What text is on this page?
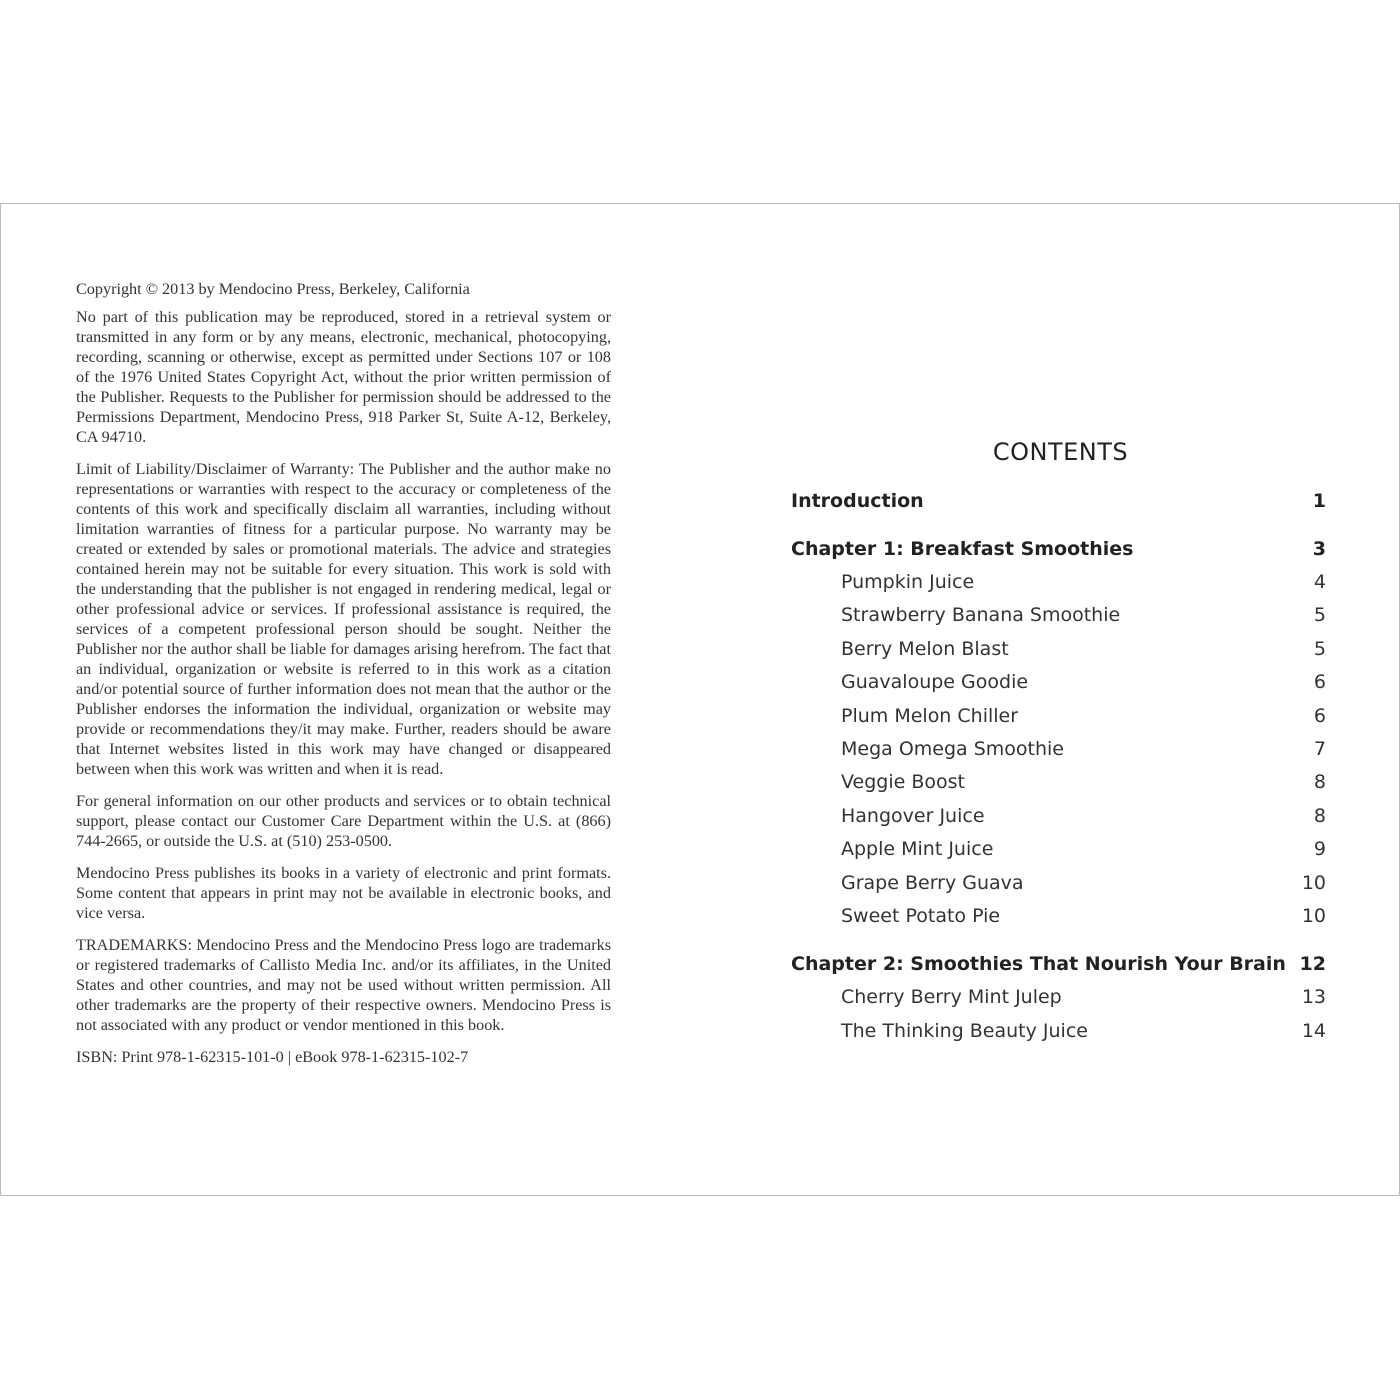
Copyright © 2013 by Mendocino Press, Berkeley, California

No part of this publication may be reproduced, stored in a retrieval system or transmitted in any form or by any means, electronic, mechanical, photocopying, recording, scanning or otherwise, except as permitted under Sections 107 or 108 of the 1976 United States Copyright Act, without the prior written permission of the Publisher. Requests to the Publisher for permission should be addressed to the Permissions Department, Mendocino Press, 918 Parker St, Suite A-12, Berkeley, CA 94710.

Limit of Liability/Disclaimer of Warranty: The Publisher and the author make no representations or warranties with respect to the accuracy or completeness of the contents of this work and specifically disclaim all warranties, including without limitation warranties of fitness for a particular purpose. No warranty may be created or extended by sales or promotional materials. The advice and strategies contained herein may not be suitable for every situation. This work is sold with the understanding that the publisher is not engaged in rendering medical, legal or other professional advice or services. If professional assistance is required, the services of a competent professional person should be sought. Neither the Publisher nor the author shall be liable for damages arising herefrom. The fact that an individual, organization or website is referred to in this work as a citation and/or potential source of further information does not mean that the author or the Publisher endorses the information the individual, organization or website may provide or recommendations they/it may make. Further, readers should be aware that Internet websites listed in this work may have changed or disappeared between when this work was written and when it is read.

For general information on our other products and services or to obtain technical support, please contact our Customer Care Department within the U.S. at (866) 744-2665, or outside the U.S. at (510) 253-0500.

Mendocino Press publishes its books in a variety of electronic and print formats. Some content that appears in print may not be available in electronic books, and vice versa.

TRADEMARKS: Mendocino Press and the Mendocino Press logo are trademarks or registered trademarks of Callisto Media Inc. and/or its affiliates, in the United States and other countries, and may not be used without written permission. All other trademarks are the property of their respective owners. Mendocino Press is not associated with any product or vendor mentioned in this book.

ISBN: Print 978-1-62315-101-0 | eBook 978-1-62315-102-7

CONTENTS
Introduction	1
Chapter 1: Breakfast Smoothies	3
Pumpkin Juice	4
Strawberry Banana Smoothie	5
Berry Melon Blast	5
Guavaloupe Goodie	6
Plum Melon Chiller	6
Mega Omega Smoothie	7
Veggie Boost	8
Hangover Juice	8
Apple Mint Juice	9
Grape Berry Guava	10
Sweet Potato Pie	10
Chapter 2: Smoothies That Nourish Your Brain 12
Cherry Berry Mint Julep	13
The Thinking Beauty Juice	14
